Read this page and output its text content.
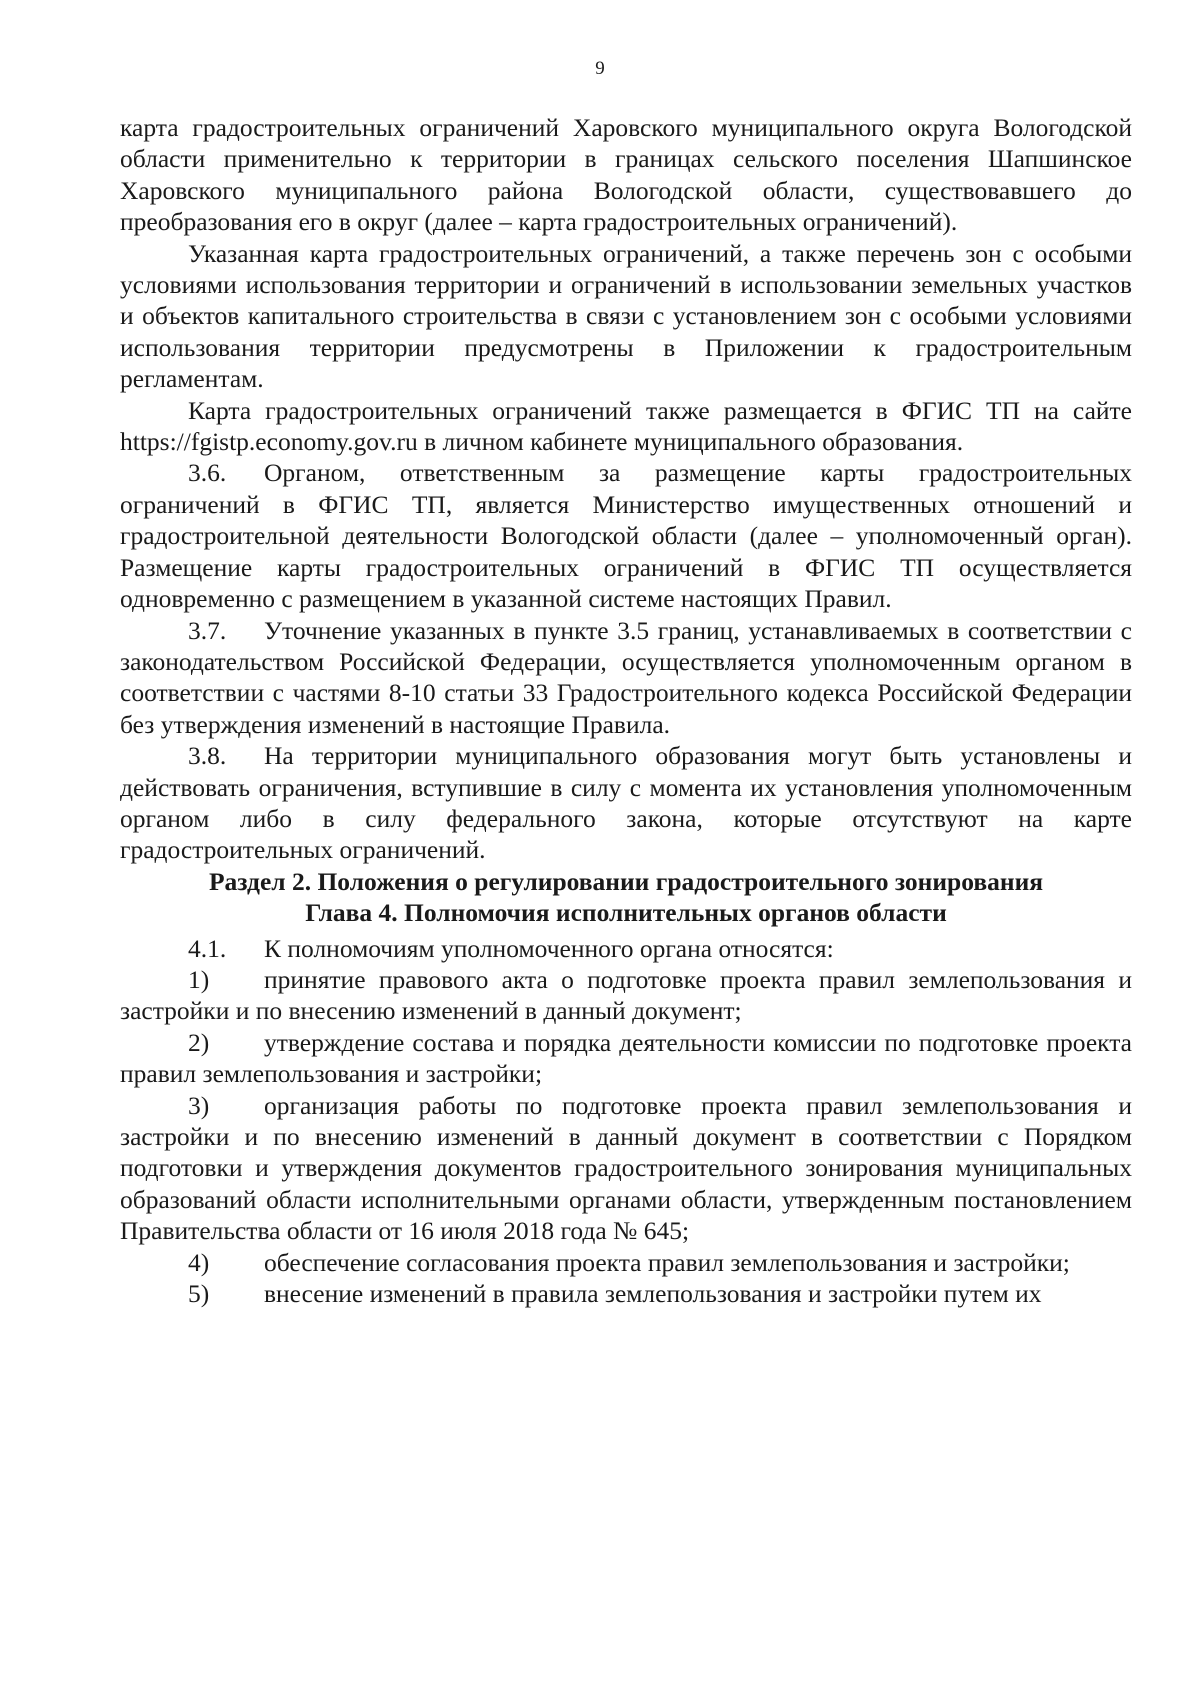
9

карта градостроительных ограничений Харовского муниципального округа Вологодской области применительно к территории в границах сельского поселения Шапшинское Харовского муниципального района Вологодской области, существовавшего до преобразования его в округ (далее – карта градостроительных ограничений).

Указанная карта градостроительных ограничений, а также перечень зон с особыми условиями использования территории и ограничений в использовании земельных участков и объектов капитального строительства в связи с установлением зон с особыми условиями использования территории предусмотрены в Приложении к градостроительным регламентам.

Карта градостроительных ограничений также размещается в ФГИС ТП на сайте https://fgistp.economy.gov.ru в личном кабинете муниципального образования.

3.6. Органом, ответственным за размещение карты градостроительных ограничений в ФГИС ТП, является Министерство имущественных отношений и градостроительной деятельности Вологодской области (далее – уполномоченный орган). Размещение карты градостроительных ограничений в ФГИС ТП осуществляется одновременно с размещением в указанной системе настоящих Правил.

3.7. Уточнение указанных в пункте 3.5 границ, устанавливаемых в соответствии с законодательством Российской Федерации, осуществляется уполномоченным органом в соответствии с частями 8-10 статьи 33 Градостроительного кодекса Российской Федерации без утверждения изменений в настоящие Правила.

3.8. На территории муниципального образования могут быть установлены и действовать ограничения, вступившие в силу с момента их установления уполномоченным органом либо в силу федерального закона, которые отсутствуют на карте градостроительных ограничений.

Раздел 2. Положения о регулировании градостроительного зонирования

Глава 4. Полномочия исполнительных органов области

4.1. К полномочиям уполномоченного органа относятся:

1) принятие правового акта о подготовке проекта правил землепользования и застройки и по внесению изменений в данный документ;

2) утверждение состава и порядка деятельности комиссии по подготовке проекта правил землепользования и застройки;

3) организация работы по подготовке проекта правил землепользования и застройки и по внесению изменений в данный документ в соответствии с Порядком подготовки и утверждения документов градостроительного зонирования муниципальных образований области исполнительными органами области, утвержденным постановлением Правительства области от 16 июля 2018 года № 645;

4) обеспечение согласования проекта правил землепользования и застройки;

5) внесение изменений в правила землепользования и застройки путем их
